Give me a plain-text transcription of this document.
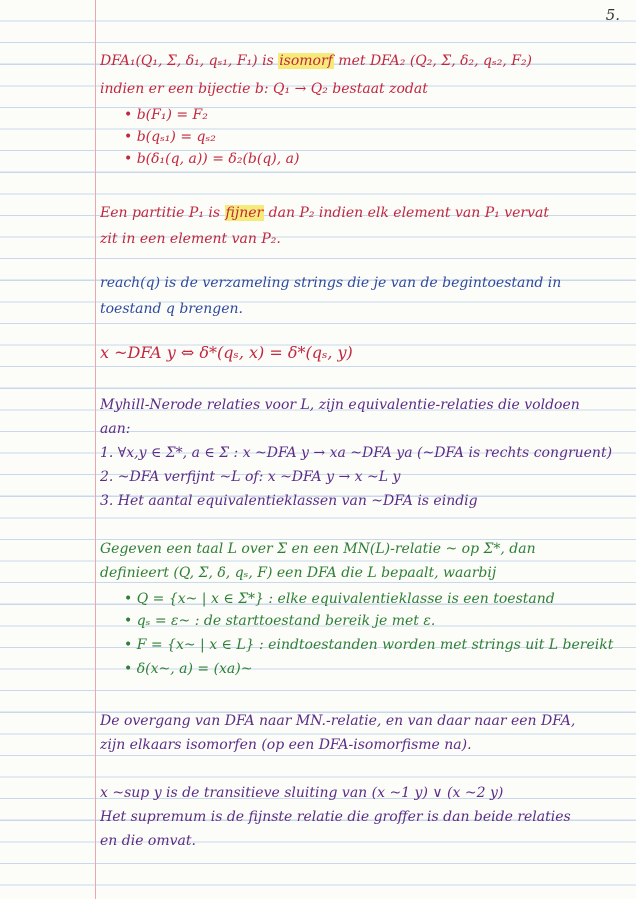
5.
DFA₁(Q₁, Σ, δ₁, qₛ₁, F₁) is isomorf met DFA₂ (Q₂, Σ, δ₂, qₛ₂, F₂)
indien er een bijectie b: Q₁ → Q₂ bestaat zodat
• b(F₁) = F₂
• b(qₛ₁) = qₛ₂
• b(δ₁(q, a)) = δ₂(b(q), a)
Een partitie P₁ is fijner dan P₂ indien elk element van P₁ vervat
zit in een element van P₂.
reach(q) is de verzameling strings die je van de begintoestand in
toestand q brengen.
x ~DFA y ⇔ δ*(qₛ, x) = δ*(qₛ, y)
Myhill-Nerode relaties voor L, zijn equivalentie-relaties die voldoen
aan:
1. ∀x,y ∈ Σ*, a ∈ Σ : x ~DFA y → xa ~DFA ya (~DFA is rechts congruent)
2. ~DFA verfijnt ~L of: x ~DFA y → x ~L y
3. Het aantal equivalentieklassen van ~DFA is eindig
Gegeven een taal L over Σ en een MN(L)-relatie ~ op Σ*, dan
definieert (Q, Σ, δ, qₛ, F) een DFA die L bepaalt, waarbij
• Q = {x~ | x ∈ Σ*} : elke equivalentieklasse is een toestand
• qₛ = ε~ : de starttoestand bereik je met ε.
• F = {x~ | x ∈ L} : eindtoestanden worden met strings uit L bereikt
• δ(x~, a) = (xa)~
De overgang van DFA naar MN.-relatie, en van daar naar een DFA,
zijn elkaars isomorfen (op een DFA-isomorfisme na).
x ~sup y is de transitieve sluiting van (x ~1 y) ∨ (x ~2 y)
Het supremum is de fijnste relatie die groffer is dan beide relaties
en die omvat.
